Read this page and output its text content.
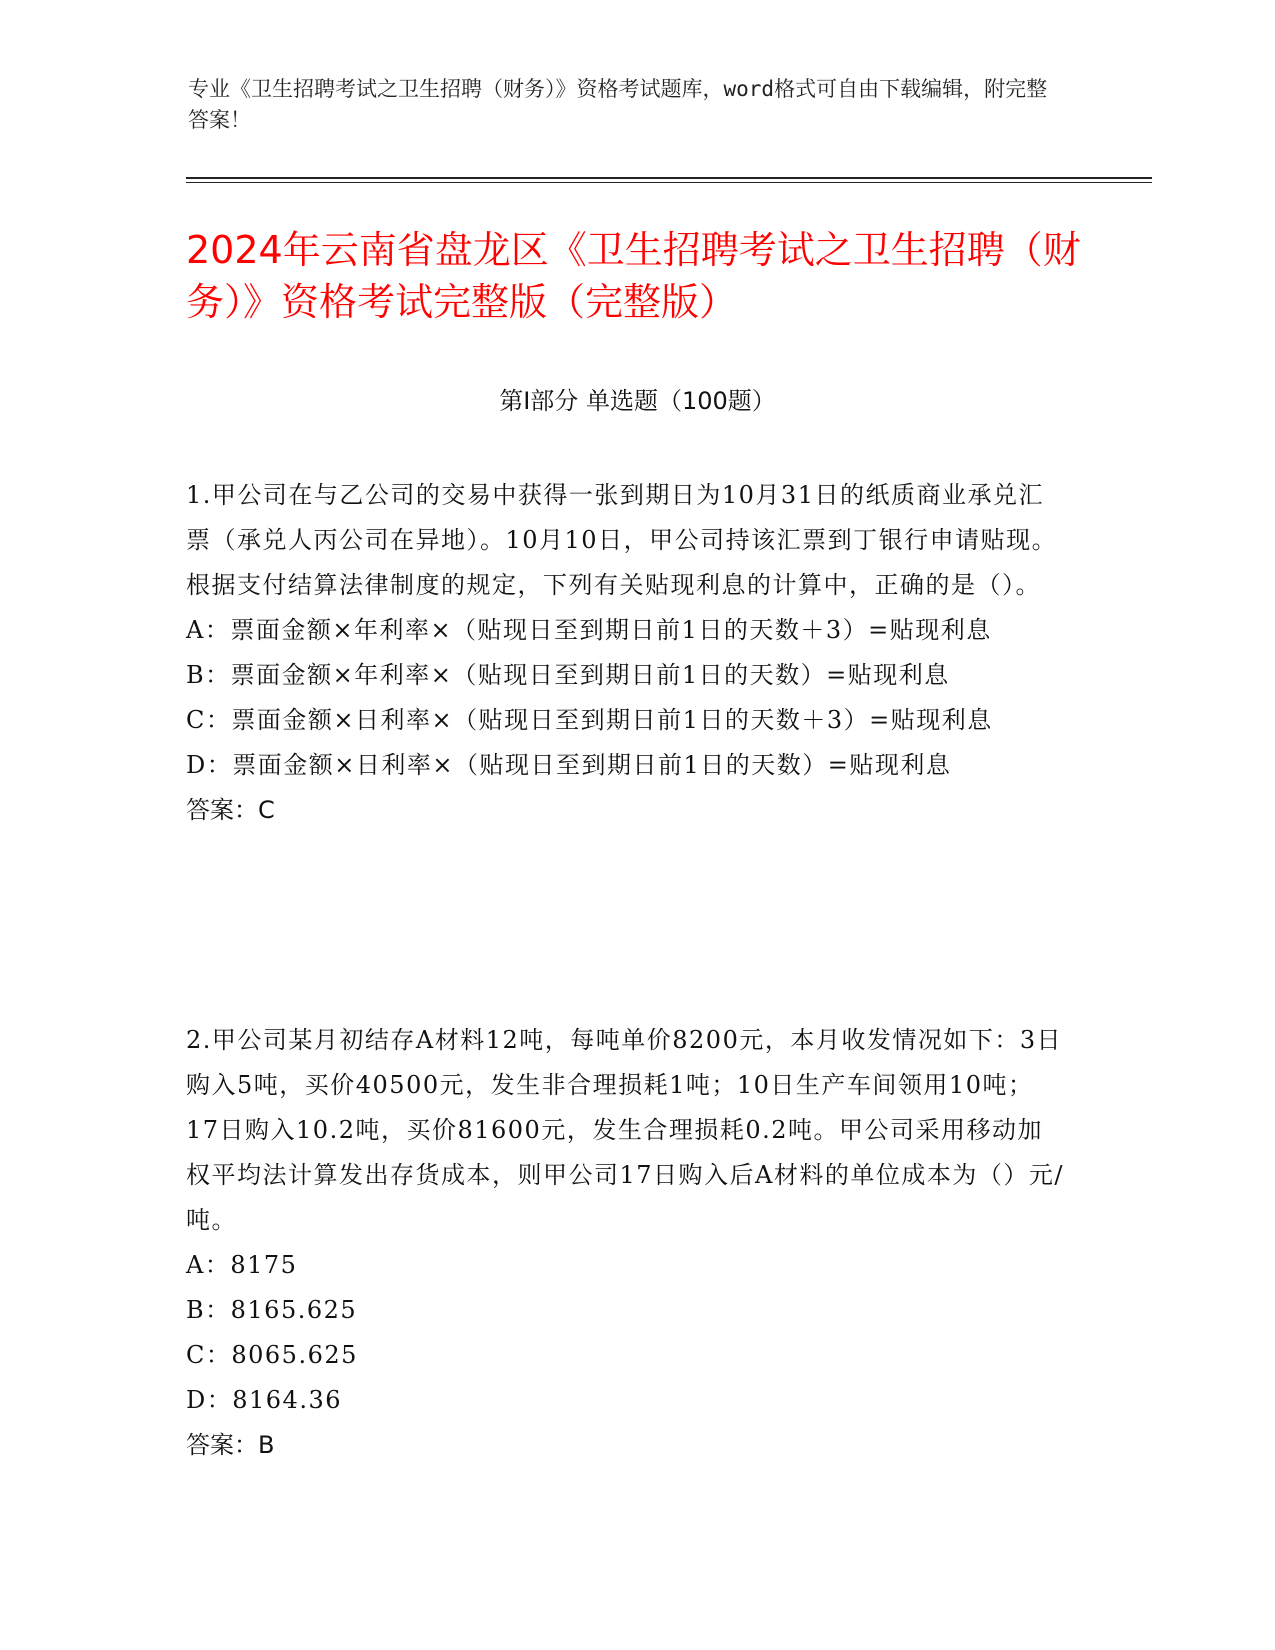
专业《卫生招聘考试之卫生招聘（财务）》资格考试题库，word格式可自由下载编辑，附完整答案！
2024年云南省盘龙区《卫生招聘考试之卫生招聘（财务）》资格考试完整版（完整版）
第Ⅰ部分 单选题（100题）

1.甲公司在与乙公司的交易中获得一张到期日为10月31日的纸质商业承兑汇票（承兑人丙公司在异地）。10月10日，甲公司持该汇票到丁银行申请贴现。根据支付结算法律制度的规定，下列有关贴现利息的计算中，正确的是（）。

A：票面金额×年利率×（贴现日至到期日前1日的天数＋3）=贴现利息

B：票面金额×年利率×（贴现日至到期日前1日的天数）=贴现利息

C：票面金额×日利率×（贴现日至到期日前1日的天数＋3）=贴现利息

D：票面金额×日利率×（贴现日至到期日前1日的天数）=贴现利息

答案：C

2.甲公司某月初结存A材料12吨，每吨单价8200元，本月收发情况如下：3日购入5吨，买价40500元，发生非合理损耗1吨；10日生产车间领用10吨；17日购入10.2吨，买价81600元，发生合理损耗0.2吨。甲公司采用移动加权平均法计算发出存货成本，则甲公司17日购入后A材料的单位成本为（）元/吨。

A：8175

B：8165.625

C：8065.625

D：8164.36

答案：B
